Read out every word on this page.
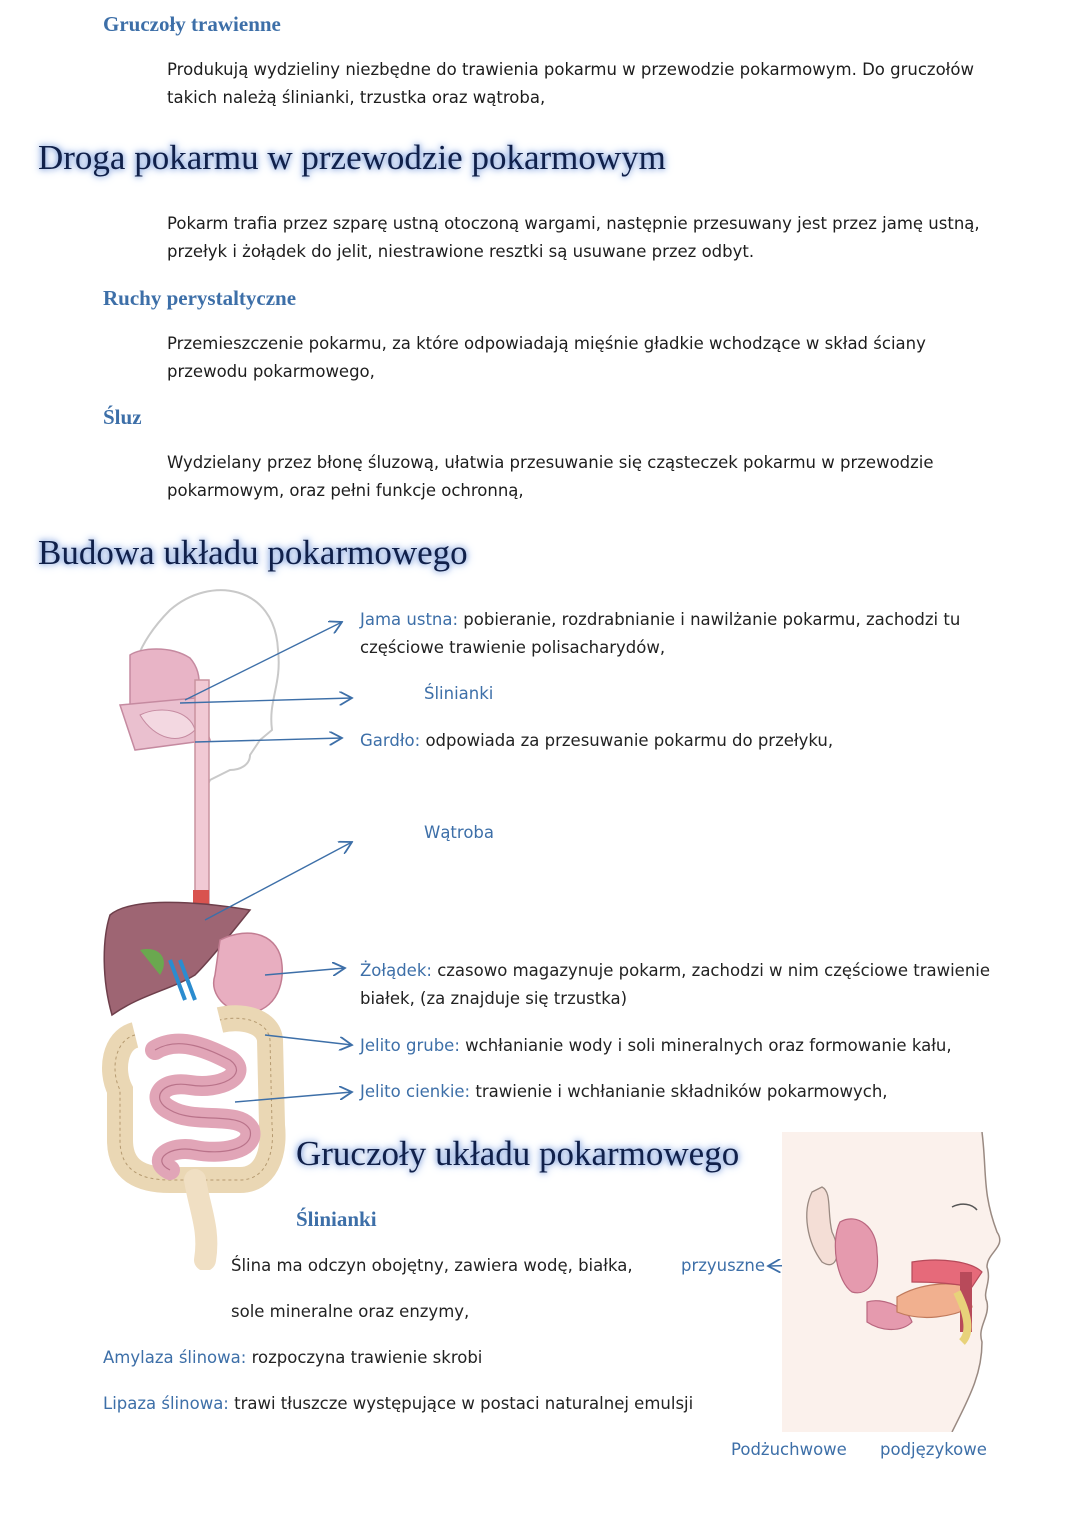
Gruczoły trawienne
Produkują wydzieliny niezbędne do trawienia pokarmu w przewodzie pokarmowym. Do gruczołów takich należą ślinianki, trzustka oraz wątroba,
Droga pokarmu w przewodzie pokarmowym
Pokarm trafia przez szparę ustną otoczoną wargami, następnie przesuwany jest przez jamę ustną, przełyk i żołądek do jelit, niestrawione resztki są usuwane przez odbyt.
Ruchy perystaltyczne
Przemieszczenie pokarmu, za które odpowiadają mięśnie gładkie wchodzące w skład ściany przewodu pokarmowego,
Śluz
Wydzielany przez błonę śluzową, ułatwia przesuwanie się cząsteczek pokarmu w przewodzie pokarmowym, oraz pełni funkcje ochronną,
Budowa układu pokarmowego
Jama ustna: pobieranie, rozdrabnianie i nawilżanie pokarmu, zachodzi tu częściowe trawienie polisacharydów,
Ślinianki
Gardło: odpowiada za przesuwanie pokarmu do przełyku,
Wątroba
Żołądek: czasowo magazynuje pokarm, zachodzi w nim częściowe trawienie białek, (za znajduje się trzustka)
Jelito grube: wchłanianie wody i soli mineralnych oraz formowanie kału,
Jelito cienkie: trawienie i wchłanianie składników pokarmowych,
Gruczoły układu pokarmowego
Ślinianki
Ślina ma odczyn obojętny, zawiera wodę, białka,
sole mineralne oraz enzymy,
Amylaza ślinowa: rozpoczyna trawienie skrobi
Lipaza ślinowa: trawi tłuszcze występujące w postaci naturalnej emulsji
przyuszne
Podżuchwowe podjęzykowe
